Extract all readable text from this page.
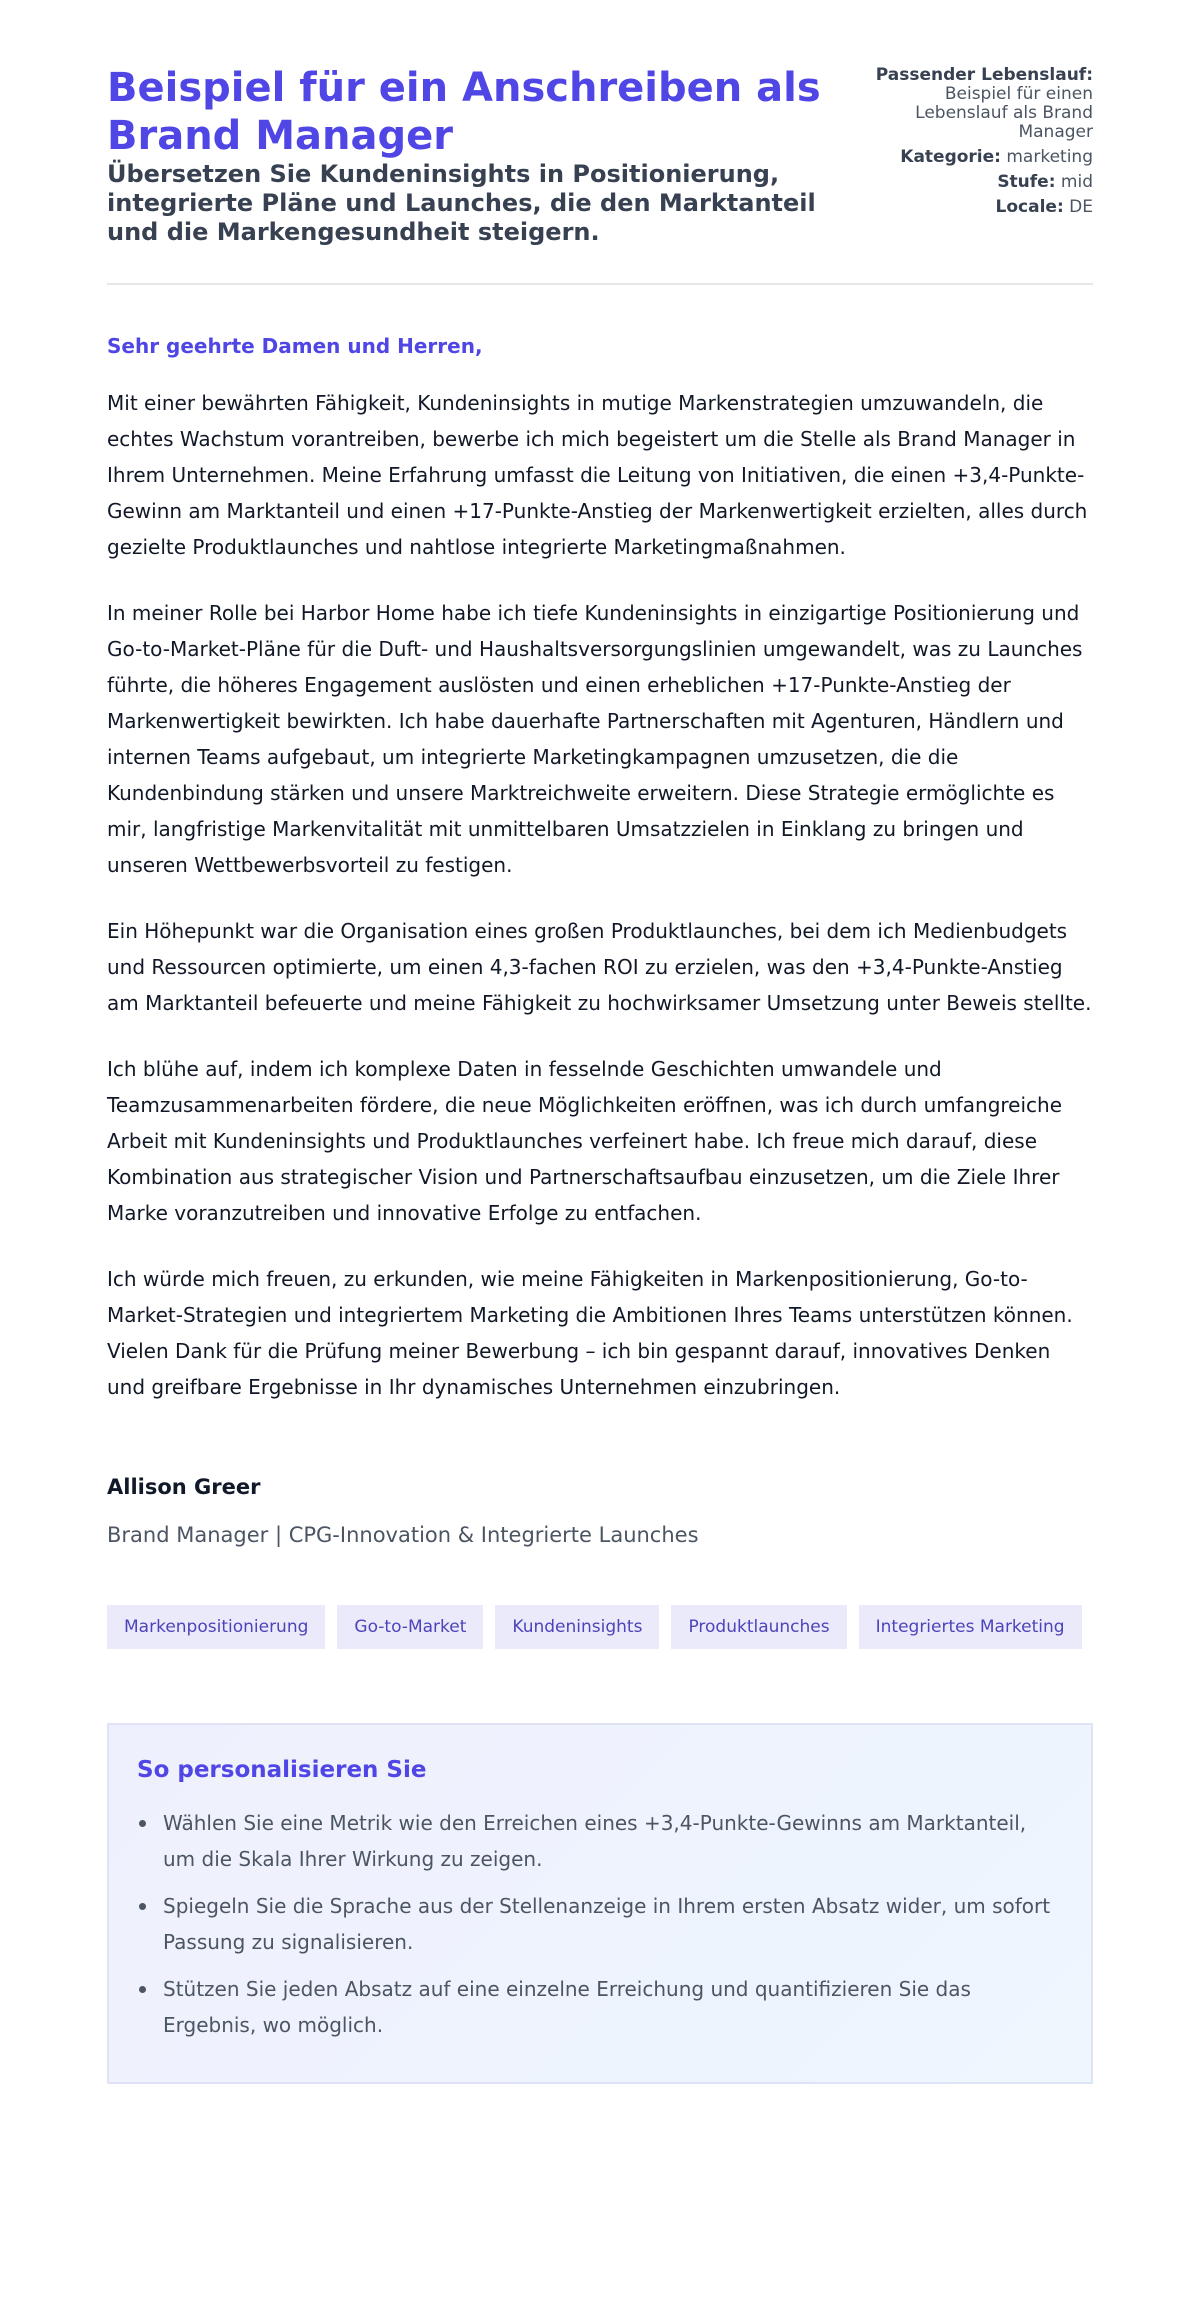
Beispiel für ein Anschreiben als Brand Manager
Übersetzen Sie Kundeninsights in Positionierung, integrierte Pläne und Launches, die den Marktanteil und die Markengesundheit steigern.
Passender Lebenslauf:
Beispiel für einen Lebenslauf als Brand Manager
Kategorie: marketing
Stufe: mid
Locale: DE
Sehr geehrte Damen und Herren,

Mit einer bewährten Fähigkeit, Kundeninsights in mutige Markenstrategien umzuwandeln, die echtes Wachstum vorantreiben, bewerbe ich mich begeistert um die Stelle als Brand Manager in Ihrem Unternehmen. Meine Erfahrung umfasst die Leitung von Initiativen, die einen +3,4-Punkte-Gewinn am Marktanteil und einen +17-Punkte-Anstieg der Markenwertigkeit erzielten, alles durch gezielte Produktlaunches und nahtlose integrierte Marketingmaßnahmen.

In meiner Rolle bei Harbor Home habe ich tiefe Kundeninsights in einzigartige Positionierung und Go-to-Market-Pläne für die Duft- und Haushaltsversorgungslinien umgewandelt, was zu Launches führte, die höheres Engagement auslösten und einen erheblichen +17-Punkte-Anstieg der Markenwertigkeit bewirkten. Ich habe dauerhafte Partnerschaften mit Agenturen, Händlern und internen Teams aufgebaut, um integrierte Marketingkampagnen umzusetzen, die die Kundenbindung stärken und unsere Marktreichweite erweitern. Diese Strategie ermöglichte es mir, langfristige Markenvitalität mit unmittelbaren Umsatzzielen in Einklang zu bringen und unseren Wettbewerbsvorteil zu festigen.

Ein Höhepunkt war die Organisation eines großen Produktlaunches, bei dem ich Medienbudgets und Ressourcen optimierte, um einen 4,3-fachen ROI zu erzielen, was den +3,4-Punkte-Anstieg am Marktanteil befeuerte und meine Fähigkeit zu hochwirksamer Umsetzung unter Beweis stellte.

Ich blühe auf, indem ich komplexe Daten in fesselnde Geschichten umwandele und Teamzusammenarbeiten fördere, die neue Möglichkeiten eröffnen, was ich durch umfangreiche Arbeit mit Kundeninsights und Produktlaunches verfeinert habe. Ich freue mich darauf, diese Kombination aus strategischer Vision und Partnerschaftsaufbau einzusetzen, um die Ziele Ihrer Marke voranzutreiben und innovative Erfolge zu entfachen.

Ich würde mich freuen, zu erkunden, wie meine Fähigkeiten in Markenpositionierung, Go-to-Market-Strategien und integriertem Marketing die Ambitionen Ihres Teams unterstützen können. Vielen Dank für die Prüfung meiner Bewerbung – ich bin gespannt darauf, innovatives Denken und greifbare Ergebnisse in Ihr dynamisches Unternehmen einzubringen.

Allison Greer
Brand Manager | CPG-Innovation & Integrierte Launches
Markenpositionierung	Go-to-Market	Kundeninsights	Produktlaunches	Integriertes Marketing
So personalisieren Sie
Wählen Sie eine Metrik wie den Erreichen eines +3,4-Punkte-Gewinns am Marktanteil, um die Skala Ihrer Wirkung zu zeigen.
Spiegeln Sie die Sprache aus der Stellenanzeige in Ihrem ersten Absatz wider, um sofort Passung zu signalisieren.
Stützen Sie jeden Absatz auf eine einzelne Erreichung und quantifizieren Sie das Ergebnis, wo möglich.
